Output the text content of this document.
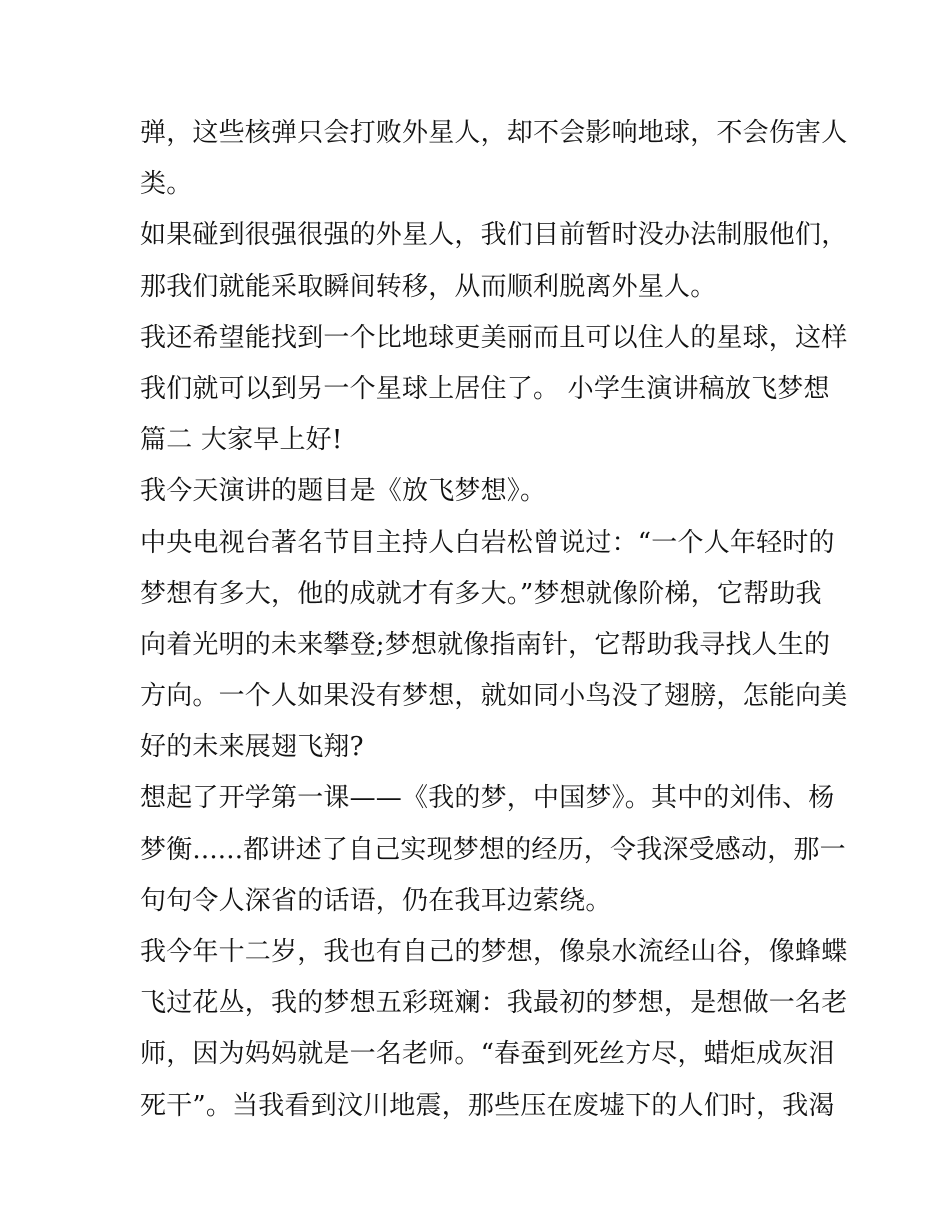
弹，这些核弹只会打败外星人，却不会影响地球，不会伤害人
类。
如果碰到很强很强的外星人，我们目前暂时没办法制服他们，
那我们就能采取瞬间转移，从而顺利脱离外星人。
我还希望能找到一个比地球更美丽而且可以住人的星球，这样
我们就可以到另一个星球上居住了。 小学生演讲稿放飞梦想
篇二 大家早上好!
我今天演讲的题目是《放飞梦想》。
中央电视台著名节目主持人白岩松曾说过：“一个人年轻时的
梦想有多大，他的成就才有多大。”梦想就像阶梯，它帮助我
向着光明的未来攀登;梦想就像指南针，它帮助我寻找人生的
方向。一个人如果没有梦想，就如同小鸟没了翅膀，怎能向美
好的未来展翅飞翔?
想起了开学第一课——《我的梦，中国梦》。其中的刘伟、杨
梦衡......都讲述了自己实现梦想的经历，令我深受感动，那一
句句令人深省的话语，仍在我耳边萦绕。
我今年十二岁，我也有自己的梦想，像泉水流经山谷，像蜂蝶
飞过花丛，我的梦想五彩斑斓：我最初的梦想，是想做一名老
师，因为妈妈就是一名老师。“春蚕到死丝方尽，蜡炬成灰泪
死干”。当我看到汶川地震，那些压在废墟下的人们时，我渴
